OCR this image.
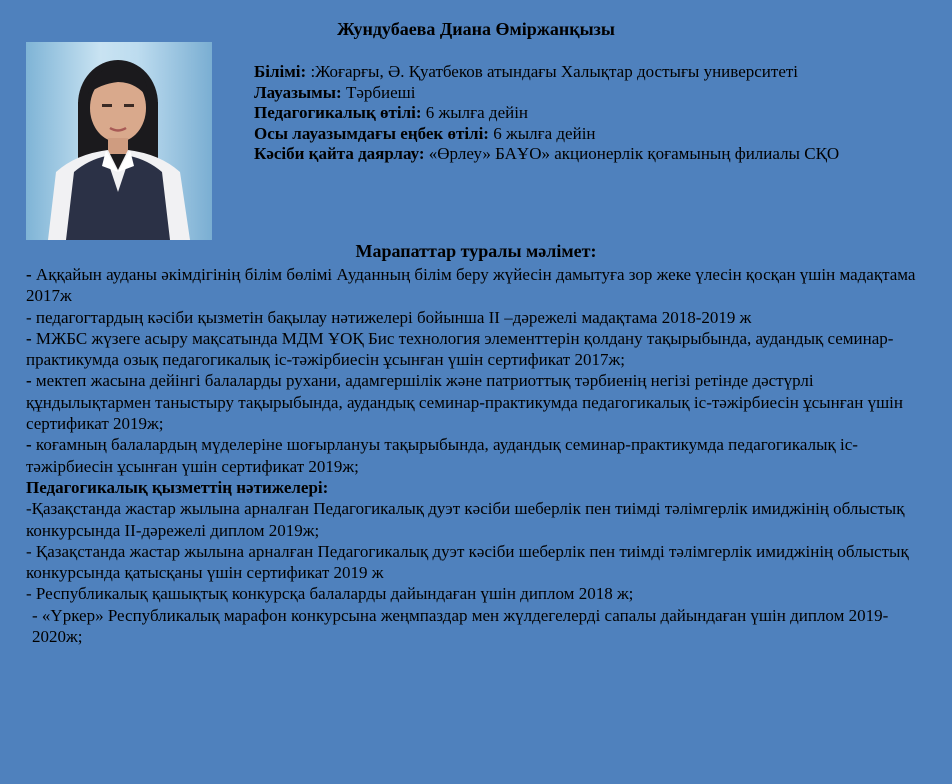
Жундубаева Диана Өміржанқызы
Білімі: :Жоғарғы, Ә. Қуатбеков атындағы Халықтар достығы университеті
Лауазымы: Тәрбиеші
Педагогикалық өтілі: 6 жылға дейін
Осы лауазымдағы еңбек өтілі: 6 жылға дейін
Кәсіби қайта даярлау: «Өрлеу» БАҰО» акционерлік қоғамының филиалы СҚО
Марапаттар туралы мәлімет:

- Аққайын ауданы әкімдігінің білім бөлімі Ауданның білім беру жүйесін дамытуға зор жеке үлесін қосқан үшін мадақтама 2017ж

- педагогтардың кәсіби қызметін бақылау нәтижелері бойынша II –дәрежелі мадақтама 2018-2019 ж

- МЖБС жүзеге асыру мақсатында МДМ ҰОҚ Бис технология элементтерін қолдану тақырыбында, аудандық семинар-практикумда озық педагогикалық іс-тәжірбиесін ұсынған үшін сертификат 2017ж;

- мектеп жасына дейінгі балаларды рухани, адамгершілік және патриоттық тәрбиенің негізі ретінде дәстүрлі құндылықтармен таныстыру тақырыбында, аудандық семинар-практикумда педагогикалық іс-тәжірбиесін ұсынған үшін сертификат 2019ж;

- коғамның балалардың мүделеріне шоғырлануы тақырыбында, аудандық семинар-практикумда педагогикалық іс-тәжірбиесін ұсынған үшін сертификат 2019ж;

Педагогикалық қызметтің нәтижелері:

-Қазақстанда жастар жылына арналған Педагогикалық дуэт кәсіби шеберлік пен тиімді тәлімгерлік имиджінің облыстық конкурсында II-дәрежелі диплом 2019ж;

- Қазақстанда жастар жылына арналған Педагогикалық дуэт кәсіби шеберлік пен тиімді тәлімгерлік имиджінің облыстық конкурсында қатысқаны үшін сертификат 2019 ж

- Республикалық қашықтық конкурсқа балаларды дайындаған үшін диплом 2018 ж;

- «Үркер» Республикалық марафон конкурсына жеңмпаздар мен жүлдегелерді сапалы дайындаған үшін диплом 2019-2020ж;
